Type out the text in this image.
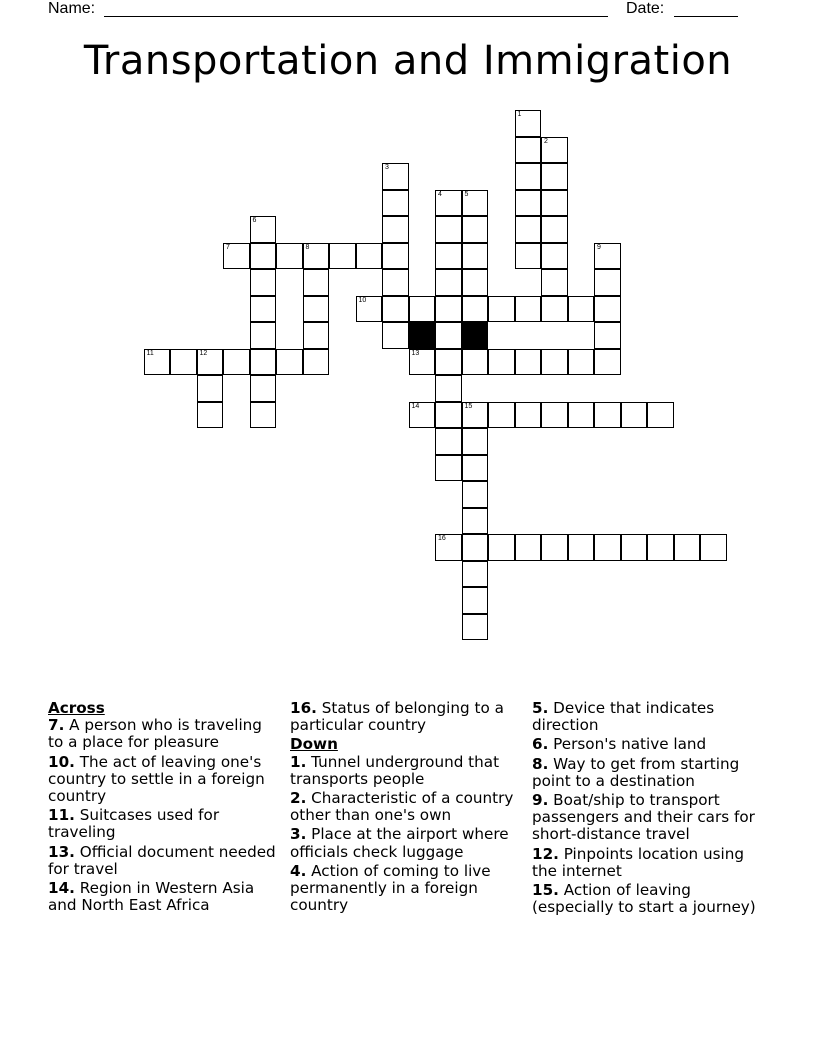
Name:	Date:
Transportation and Immigration
1
2
3
4	5
6
7	8	9
10
11	12	13
14	15
16
Across
7. A person who is traveling to a place for pleasure
10. The act of leaving one's country to settle in a foreign country
11. Suitcases used for traveling
13. Official document needed for travel
14. Region in Western Asia and North East Africa
16. Status of belonging to a particular country
Down
1. Tunnel underground that transports people
2. Characteristic of a country other than one's own
3. Place at the airport where officials check luggage
4. Action of coming to live permanently in a foreign country
5. Device that indicates direction
6. Person's native land
8. Way to get from starting point to a destination
9. Boat/ship to transport passengers and their cars for short-distance travel
12. Pinpoints location using the internet
15. Action of leaving (especially to start a journey)
